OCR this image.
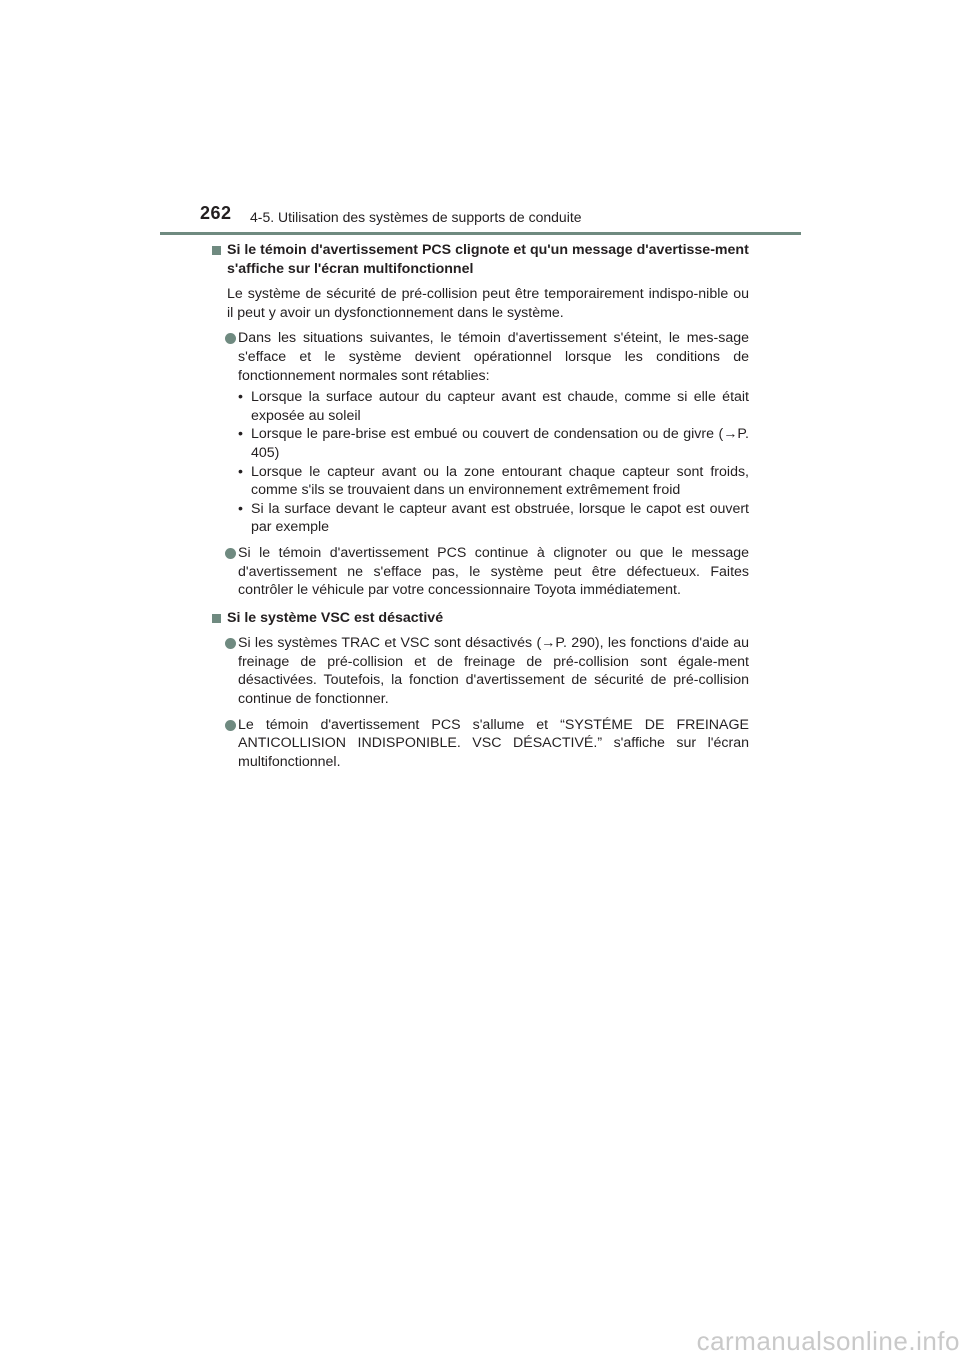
262 4-5. Utilisation des systèmes de supports de conduite
Si le témoin d'avertissement PCS clignote et qu'un message d'avertisse-ment s'affiche sur l'écran multifonctionnel
Le système de sécurité de pré-collision peut être temporairement indispo-nible ou il peut y avoir un dysfonctionnement dans le système.
Dans les situations suivantes, le témoin d'avertissement s'éteint, le mes-sage s'efface et le système devient opérationnel lorsque les conditions de fonctionnement normales sont rétablies:
• Lorsque la surface autour du capteur avant est chaude, comme si elle était exposée au soleil
• Lorsque le pare-brise est embué ou couvert de condensation ou de givre (→P. 405)
• Lorsque le capteur avant ou la zone entourant chaque capteur sont froids, comme s'ils se trouvaient dans un environnement extrêmement froid
• Si la surface devant le capteur avant est obstruée, lorsque le capot est ouvert par exemple
Si le témoin d'avertissement PCS continue à clignoter ou que le message d'avertissement ne s'efface pas, le système peut être défectueux. Faites contrôler le véhicule par votre concessionnaire Toyota immédiatement.
Si le système VSC est désactivé
Si les systèmes TRAC et VSC sont désactivés (→P. 290), les fonctions d'aide au freinage de pré-collision et de freinage de pré-collision sont égale-ment désactivées. Toutefois, la fonction d'avertissement de sécurité de pré-collision continue de fonctionner.
Le témoin d'avertissement PCS s'allume et “SYSTÉME DE FREINAGE ANTICOLLISION INDISPONIBLE. VSC DÉSACTIVÉ.” s'affiche sur l'écran multifonctionnel.
carmanualsonline.info
